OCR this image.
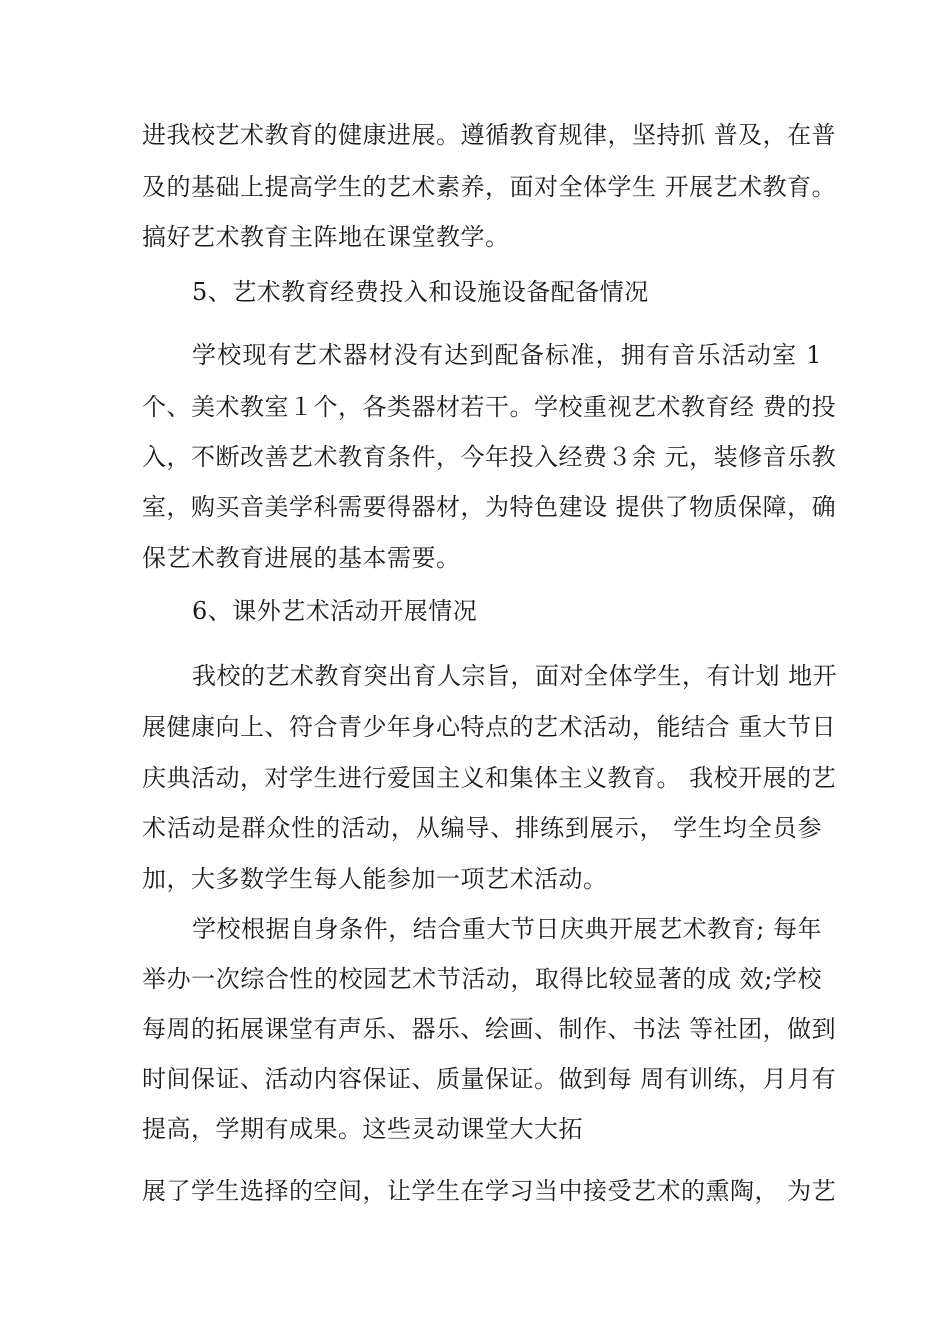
进我校艺术教育的健康进展。遵循教育规律，坚持抓 普及，在普
及的基础上提高学生的艺术素养，面对全体学生 开展艺术教育。
搞好艺术教育主阵地在课堂教学。
5、艺术教育经费投入和设施设备配备情况
学校现有艺术器材没有达到配备标准，拥有音乐活动室 1
个、美术教室１个，各类器材若干。学校重视艺术教育经 费的投
入，不断改善艺术教育条件，今年投入经费３余 元，装修音乐教
室，购买音美学科需要得器材，为特色建设 提供了物质保障，确
保艺术教育进展的基本需要。
6、课外艺术活动开展情况
我校的艺术教育突出育人宗旨，面对全体学生，有计划 地开
展健康向上、符合青少年身心特点的艺术活动，能结合 重大节日
庆典活动，对学生进行爱国主义和集体主义教育。 我校开展的艺
术活动是群众性的活动，从编导、排练到展示， 学生均全员参
加，大多数学生每人能参加一项艺术活动。
学校根据自身条件，结合重大节日庆典开展艺术教育; 每年
举办一次综合性的校园艺术节活动，取得比较显著的成 效;学校
每周的拓展课堂有声乐、器乐、绘画、制作、书法 等社团，做到
时间保证、活动内容保证、质量保证。做到每 周有训练，月月有
提高，学期有成果。这些灵动课堂大大拓
展了学生选择的空间，让学生在学习当中接受艺术的熏陶， 为艺
